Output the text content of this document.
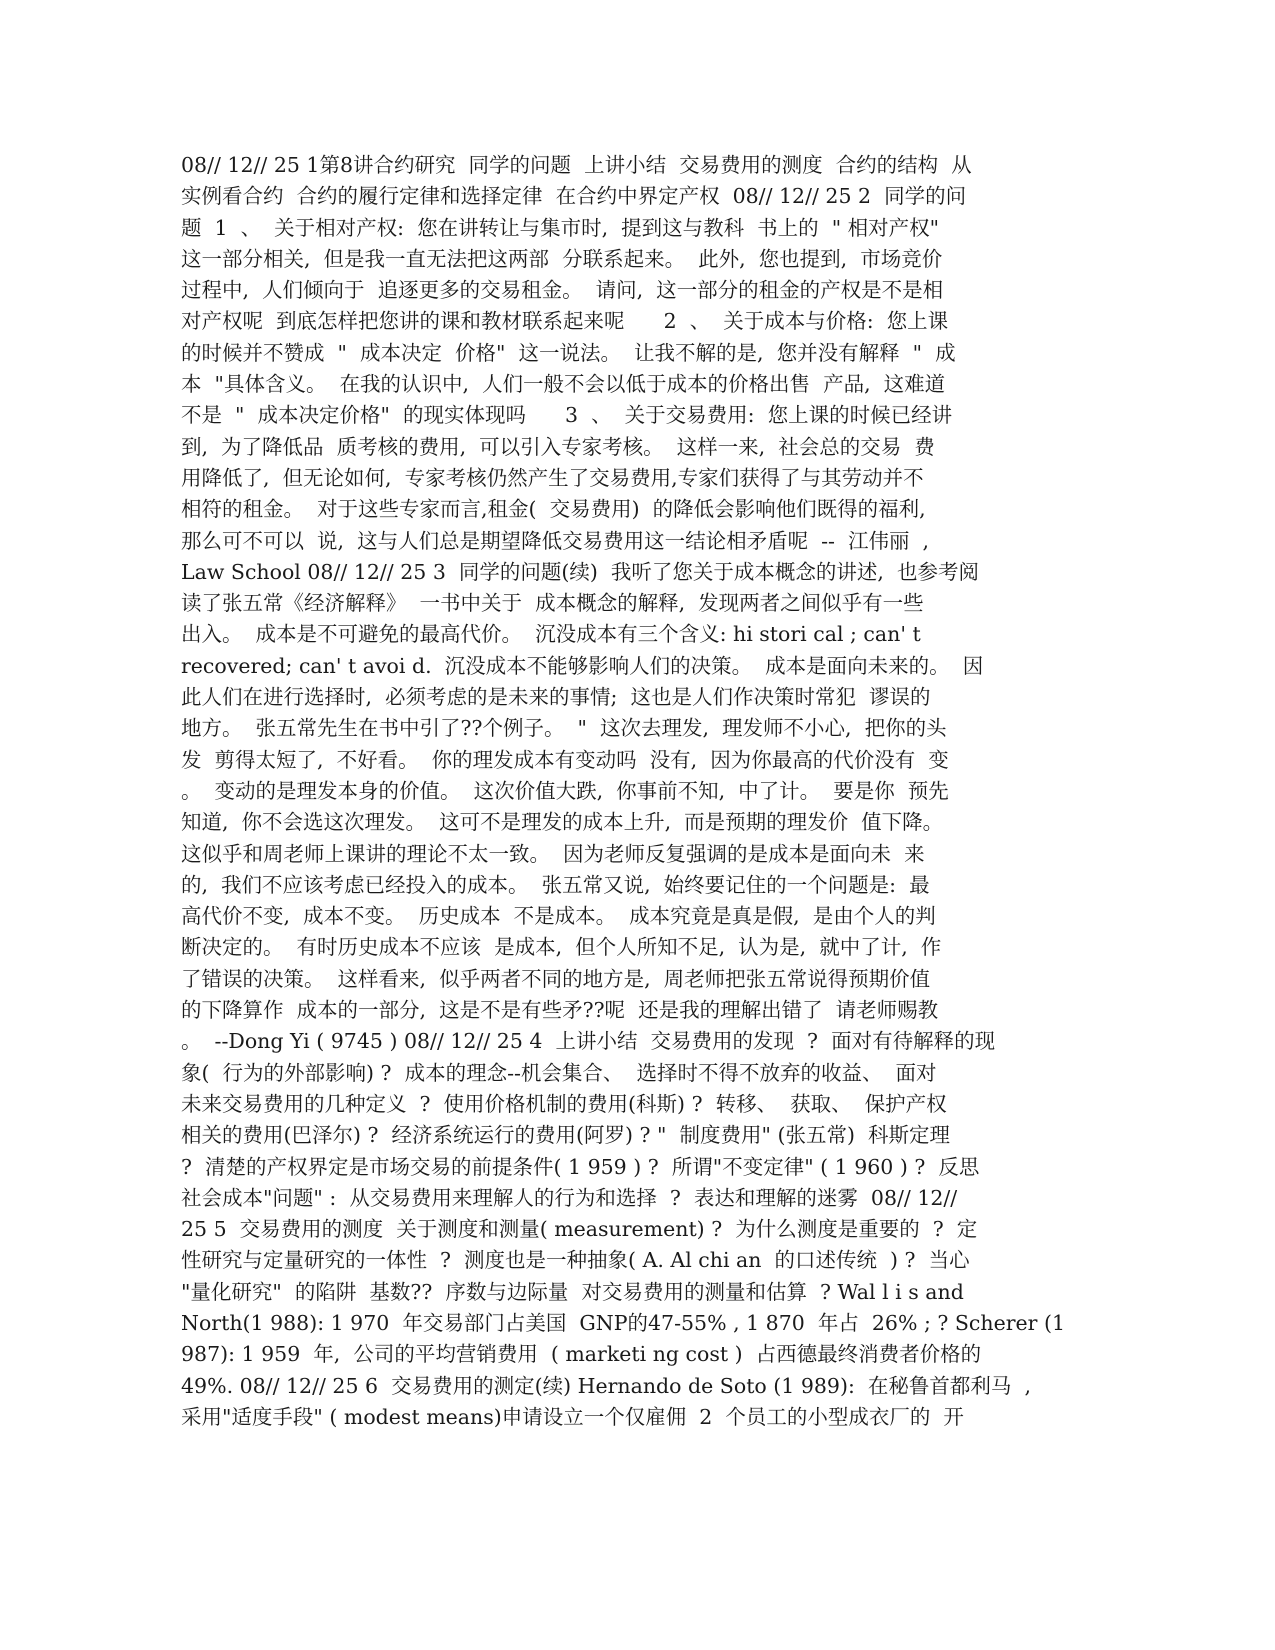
08// 12// 25 1第8讲合约研究  同学的问题  上讲小结  交易费用的测度  合约的结构  从
实例看合约  合约的履行定律和选择定律  在合约中界定产权  08// 12// 25 2  同学的问
题  1  、  关于相对产权:  您在讲转让与集市时,  提到这与教科  书上的  " 相对产权"
这一部分相关,  但是我一直无法把这两部  分联系起来。  此外,  您也提到,  市场竞价
过程中,  人们倾向于  追逐更多的交易租金。  请问,  这一部分的租金的产权是不是相
对产权呢  到底怎样把您讲的课和教材联系起来呢      2  、  关于成本与价格:  您上课
的时候并不赞成  "  成本决定  价格"  这一说法。  让我不解的是,  您并没有解释  "  成
本  "具体含义。  在我的认识中,  人们一般不会以低于成本的价格出售  产品,  这难道
不是  "  成本决定价格"  的现实体现吗      3  、  关于交易费用:  您上课的时候已经讲
到,  为了降低品  质考核的费用,  可以引入专家考核。  这样一来,  社会总的交易  费
用降低了,  但无论如何,  专家考核仍然产生了交易费用,专家们获得了与其劳动并不
相符的租金。  对于这些专家而言,租金(  交易费用)  的降低会影响他们既得的福利,
那么可不可以  说,  这与人们总是期望降低交易费用这一结论相矛盾呢  --  江伟丽  ,
Law School 08// 12// 25 3  同学的问题(续)  我听了您关于成本概念的讲述,  也参考阅
读了张五常《经济解释》  一书中关于  成本概念的解释,  发现两者之间似乎有一些
出入。  成本是不可避免的最高代价。  沉没成本有三个含义: hi stori cal ; can' t
recovered; can' t avoi d.  沉没成本不能够影响人们的决策。  成本是面向未来的。  因
此人们在进行选择时,  必须考虑的是未来的事情;  这也是人们作决策时常犯  谬误的
地方。  张五常先生在书中引了??个例子。  "  这次去理发,  理发师不小心,  把你的头
发  剪得太短了,  不好看。  你的理发成本有变动吗  没有,  因为你最高的代价没有  变
。  变动的是理发本身的价值。  这次价值大跌,  你事前不知,  中了计。  要是你  预先
知道,  你不会选这次理发。  这可不是理发的成本上升,  而是预期的理发价  值下降。
这似乎和周老师上课讲的理论不太一致。  因为老师反复强调的是成本是面向未  来
的,  我们不应该考虑已经投入的成本。  张五常又说,  始终要记住的一个问题是:  最
高代价不变,  成本不变。  历史成本  不是成本。  成本究竟是真是假,  是由个人的判
断决定的。  有时历史成本不应该  是成本,  但个人所知不足,  认为是,  就中了计,  作
了错误的决策。  这样看来,  似乎两者不同的地方是,  周老师把张五常说得预期价值
的下降算作  成本的一部分,  这是不是有些矛??呢  还是我的理解出错了  请老师赐教
。  --Dong Yi ( 9745 ) 08// 12// 25 4  上讲小结  交易费用的发现  ?  面对有待解释的现
象(  行为的外部影响) ?  成本的理念--机会集合、  选择时不得不放弃的收益、  面对
未来交易费用的几种定义  ?  使用价格机制的费用(科斯) ?  转移、  获取、  保护产权
相关的费用(巴泽尔) ?  经济系统运行的费用(阿罗) ? "  制度费用" (张五常)  科斯定理
?  清楚的产权界定是市场交易的前提条件( 1 959 ) ?  所谓"不变定律" ( 1 960 ) ?  反思
社会成本"问题" :  从交易费用来理解人的行为和选择  ?  表达和理解的迷雾  08// 12//
25 5  交易费用的测度  关于测度和测量( measurement) ?  为什么测度是重要的  ?  定
性研究与定量研究的一体性  ?  测度也是一种抽象( A. Al chi an  的口述传统  ) ?  当心
"量化研究"  的陷阱  基数??  序数与边际量  对交易费用的测量和估算  ? Wal l i s and
North(1 988): 1 970  年交易部门占美国  GNP的47-55% , 1 870  年占  26% ; ? Scherer (1
987): 1 959  年,  公司的平均营销费用  ( marketi ng cost )  占西德最终消费者价格的
49%. 08// 12// 25 6  交易费用的测定(续) Hernando de Soto (1 989):  在秘鲁首都利马  ,
采用"适度手段" ( modest means)申请设立一个仅雇佣  2  个员工的小型成衣厂的  开
